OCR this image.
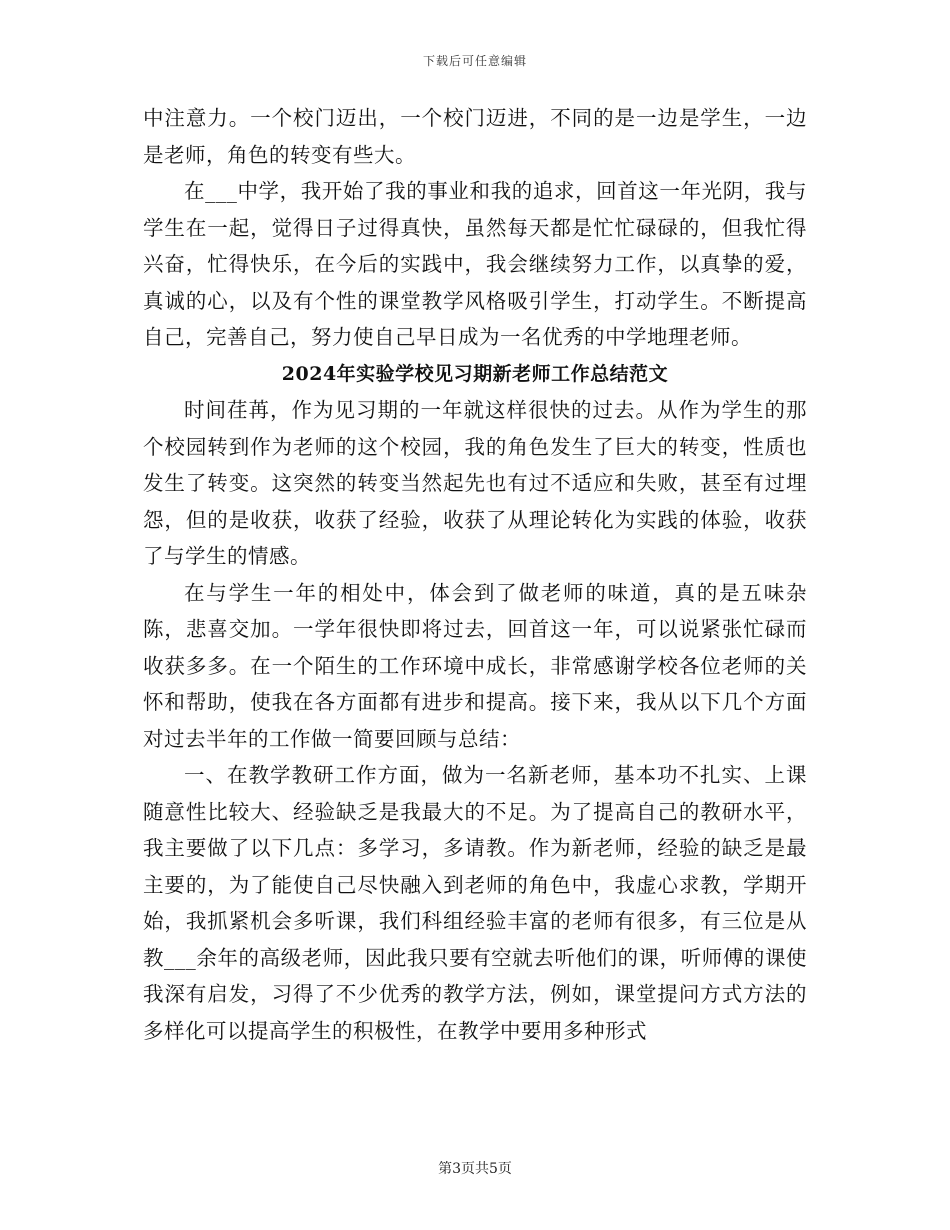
下载后可任意编辑

中注意力。一个校门迈出，一个校门迈进，不同的是一边是学生，一边是老师，角色的转变有些大。

在___中学，我开始了我的事业和我的追求，回首这一年光阴，我与学生在一起，觉得日子过得真快，虽然每天都是忙忙碌碌的，但我忙得兴奋，忙得快乐，在今后的实践中，我会继续努力工作，以真挚的爱，真诚的心，以及有个性的课堂教学风格吸引学生，打动学生。不断提高自己，完善自己，努力使自己早日成为一名优秀的中学地理老师。

2024年实验学校见习期新老师工作总结范文

时间荏苒，作为见习期的一年就这样很快的过去。从作为学生的那个校园转到作为老师的这个校园，我的角色发生了巨大的转变，性质也发生了转变。这突然的转变当然起先也有过不适应和失败，甚至有过埋怨，但的是收获，收获了经验，收获了从理论转化为实践的体验，收获了与学生的情感。

在与学生一年的相处中，体会到了做老师的味道，真的是五味杂陈，悲喜交加。一学年很快即将过去，回首这一年，可以说紧张忙碌而收获多多。在一个陌生的工作环境中成长，非常感谢学校各位老师的关怀和帮助，使我在各方面都有进步和提高。接下来，我从以下几个方面对过去半年的工作做一简要回顾与总结：

一、在教学教研工作方面，做为一名新老师，基本功不扎实、上课随意性比较大、经验缺乏是我最大的不足。为了提高自己的教研水平，我主要做了以下几点：多学习，多请教。作为新老师，经验的缺乏是最主要的，为了能使自己尽快融入到老师的角色中，我虚心求教，学期开始，我抓紧机会多听课，我们科组经验丰富的老师有很多，有三位是从教___余年的高级老师，因此我只要有空就去听他们的课，听师傅的课使我深有启发，习得了不少优秀的教学方法，例如，课堂提问方式方法的多样化可以提高学生的积极性，在教学中要用多种形式

第3页共5页
